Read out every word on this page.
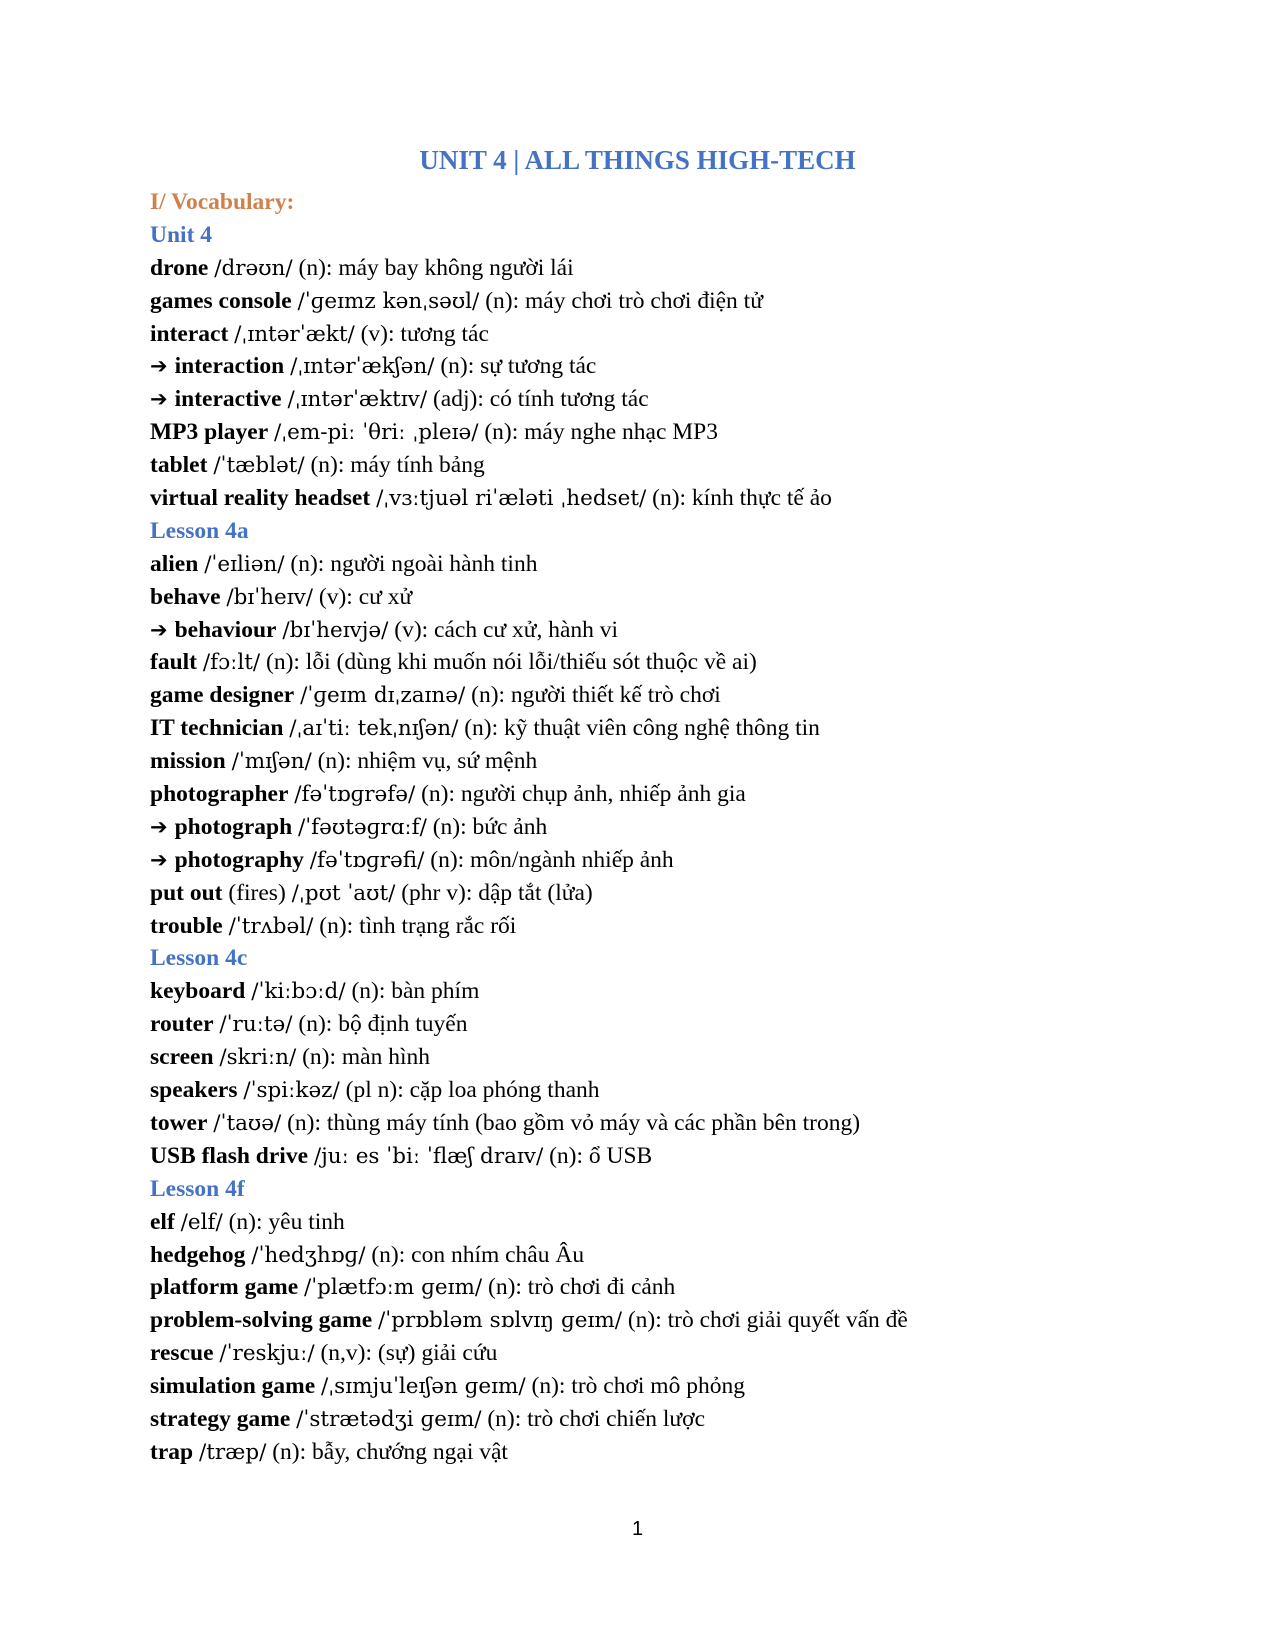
UNIT 4 | ALL THINGS HIGH-TECH
I/ Vocabulary:
Unit 4
drone /drəʊn/ (n): máy bay không người lái
games console /ˈɡeɪmz kənˌsəʊl/ (n): máy chơi trò chơi điện tử
interact /ˌɪntərˈækt/ (v): tương tác
➔ interaction /ˌɪntərˈækʃən/ (n): sự tương tác
➔ interactive /ˌɪntərˈæktɪv/ (adj): có tính tương tác
MP3 player /ˌem-piː ˈθriː ˌpleɪə/ (n): máy nghe nhạc MP3
tablet /ˈtæblət/ (n): máy tính bảng
virtual reality headset /ˌvɜːtjuəl riˈæləti ˌhedset/ (n): kính thực tế ảo
Lesson 4a
alien /ˈeɪliən/ (n): người ngoài hành tinh
behave /bɪˈheɪv/ (v): cư xử
➔ behaviour /bɪˈheɪvjə/ (v): cách cư xử, hành vi
fault /fɔːlt/ (n): lỗi (dùng khi muốn nói lỗi/thiếu sót thuộc về ai)
game designer /ˈɡeɪm dɪˌzaɪnə/ (n): người thiết kế trò chơi
IT technician /ˌaɪˈtiː tekˌnɪʃən/ (n): kỹ thuật viên công nghệ thông tin
mission /ˈmɪʃən/ (n): nhiệm vụ, sứ mệnh
photographer /fəˈtɒɡrəfə/ (n): người chụp ảnh, nhiếp ảnh gia
➔ photograph /ˈfəʊtəɡrɑːf/ (n): bức ảnh
➔ photography /fəˈtɒɡrəfi/ (n): môn/ngành nhiếp ảnh
put out (fires) /ˌpʊt ˈaʊt/ (phr v): dập tắt (lửa)
trouble /ˈtrʌbəl/ (n): tình trạng rắc rối
Lesson 4c
keyboard /ˈkiːbɔːd/ (n): bàn phím
router /ˈruːtə/ (n): bộ định tuyến
screen /skriːn/ (n): màn hình
speakers /ˈspiːkəz/ (pl n): cặp loa phóng thanh
tower /ˈtaʊə/ (n): thùng máy tính (bao gồm vỏ máy và các phần bên trong)
USB flash drive /juː es ˈbiː ˈflæʃ draɪv/ (n): ổ USB
Lesson 4f
elf /elf/ (n): yêu tinh
hedgehog /ˈhedʒhɒɡ/ (n): con nhím châu Âu
platform game /ˈplætfɔːm ɡeɪm/ (n): trò chơi đi cảnh
problem-solving game /ˈprɒbləm sɒlvɪŋ ɡeɪm/ (n): trò chơi giải quyết vấn đề
rescue /ˈreskjuː/ (n,v): (sự) giải cứu
simulation game /ˌsɪmjuˈleɪʃən ɡeɪm/ (n): trò chơi mô phỏng
strategy game /ˈstrætədʒi ɡeɪm/ (n): trò chơi chiến lược
trap /træp/ (n): bẫy, chướng ngại vật
1
